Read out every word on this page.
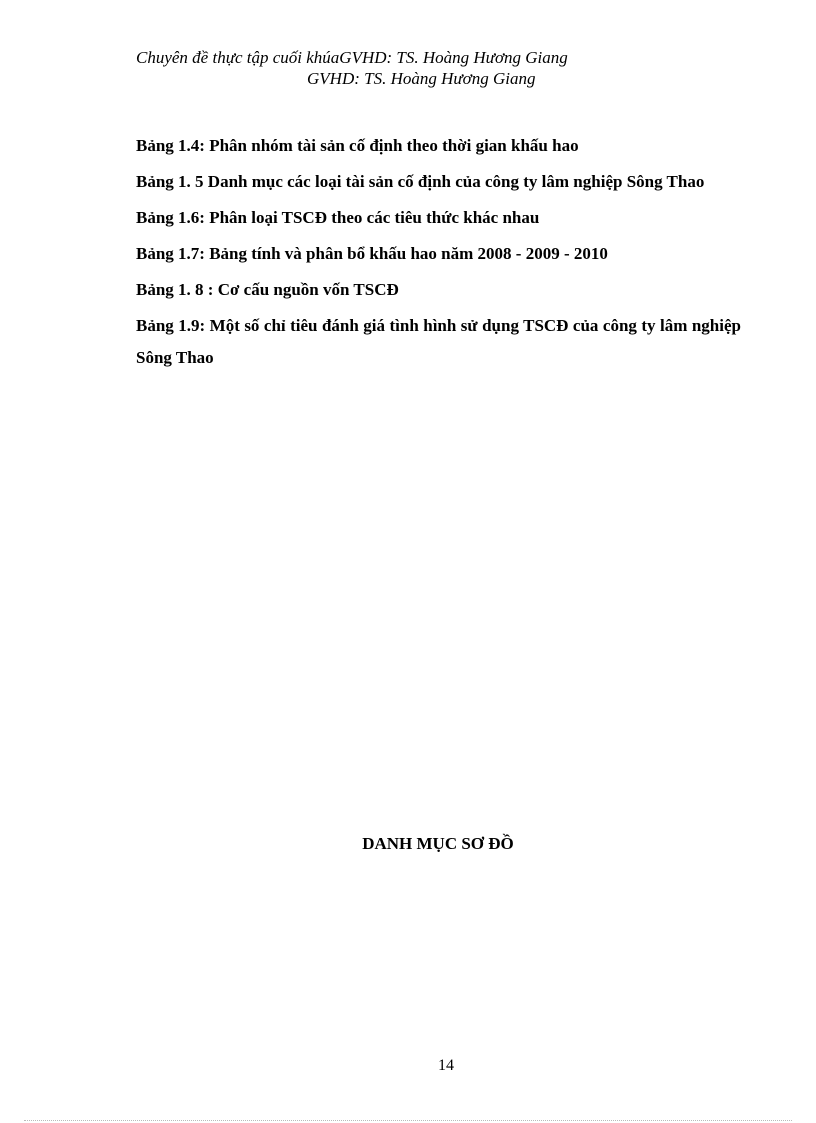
Chuyên đề thực tập cuối khúaGVHD: TS. Hoàng Hương Giang
GVHD: TS. Hoàng Hương Giang
Bảng 1.4: Phân nhóm tài sản cố định theo thời gian khấu hao
Bảng 1. 5 Danh mục các loại tài sản cố định của công ty lâm nghiệp Sông Thao
Bảng 1.6: Phân loại TSCĐ theo các tiêu thức khác nhau
Bảng 1.7: Bảng tính và phân bổ khấu hao năm 2008 - 2009 - 2010
Bảng 1. 8 : Cơ cấu nguồn vốn TSCĐ
Bảng 1.9: Một số chỉ tiêu đánh giá tình hình sử dụng TSCĐ của công ty lâm nghiệp Sông Thao
DANH MỤC SƠ ĐỒ
14
